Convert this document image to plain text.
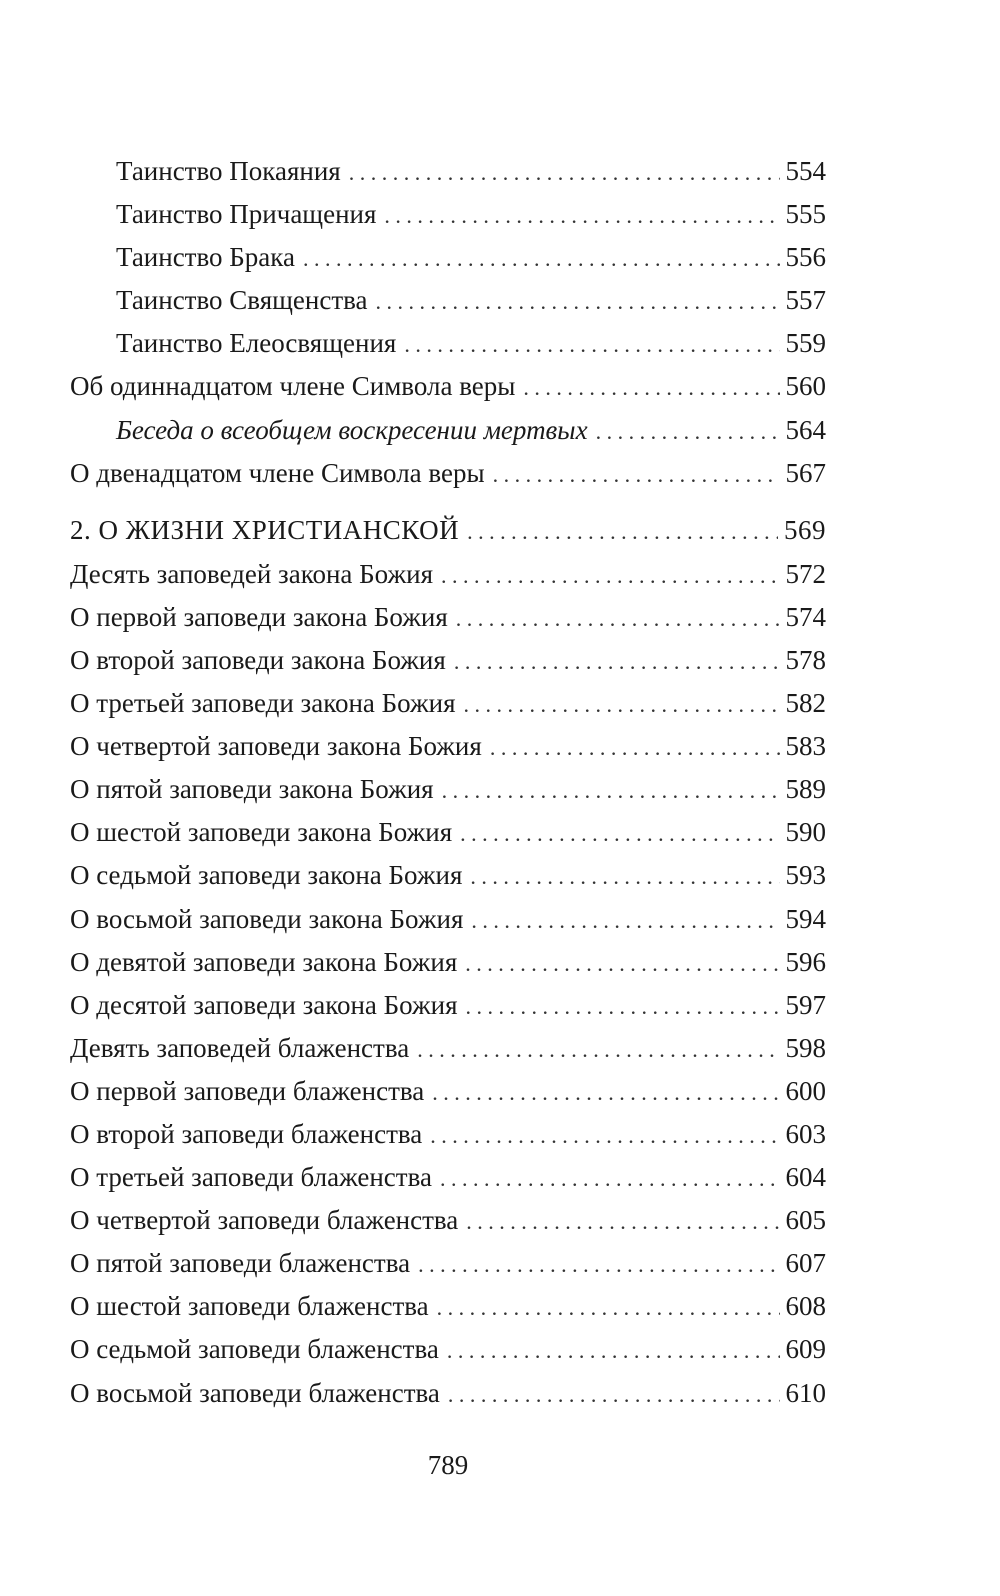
Таинство Покаяния . . .	554
Таинство Причащения . . .	555
Таинство Брака . . .	556
Таинство Священства . . .	557
Таинство Елеосвящения . . .	559
Об одиннадцатом члене Символа веры . . .	560
Беседа о всеобщем воскресении мертвых . . .	564
О двенадцатом члене Символа веры . . .	567
2. О ЖИЗНИ ХРИСТИАНСКОЙ . . .	569
Десять заповедей закона Божия . . .	572
О первой заповеди закона Божия . . .	574
О второй заповеди закона Божия . . .	578
О третьей заповеди закона Божия . . .	582
О четвертой заповеди закона Божия . . .	583
О пятой заповеди закона Божия . . .	589
О шестой заповеди закона Божия . . .	590
О седьмой заповеди закона Божия . . .	593
О восьмой заповеди закона Божия . . .	594
О девятой заповеди закона Божия . . .	596
О десятой заповеди закона Божия . . .	597
Девять заповедей блаженства . . .	598
О первой заповеди блаженства . . .	600
О второй заповеди блаженства . . .	603
О третьей заповеди блаженства . . .	604
О четвертой заповеди блаженства . . .	605
О пятой заповеди блаженства . . .	607
О шестой заповеди блаженства . . .	608
О седьмой заповеди блаженства . . .	609
О восьмой заповеди блаженства . . .	610
789
